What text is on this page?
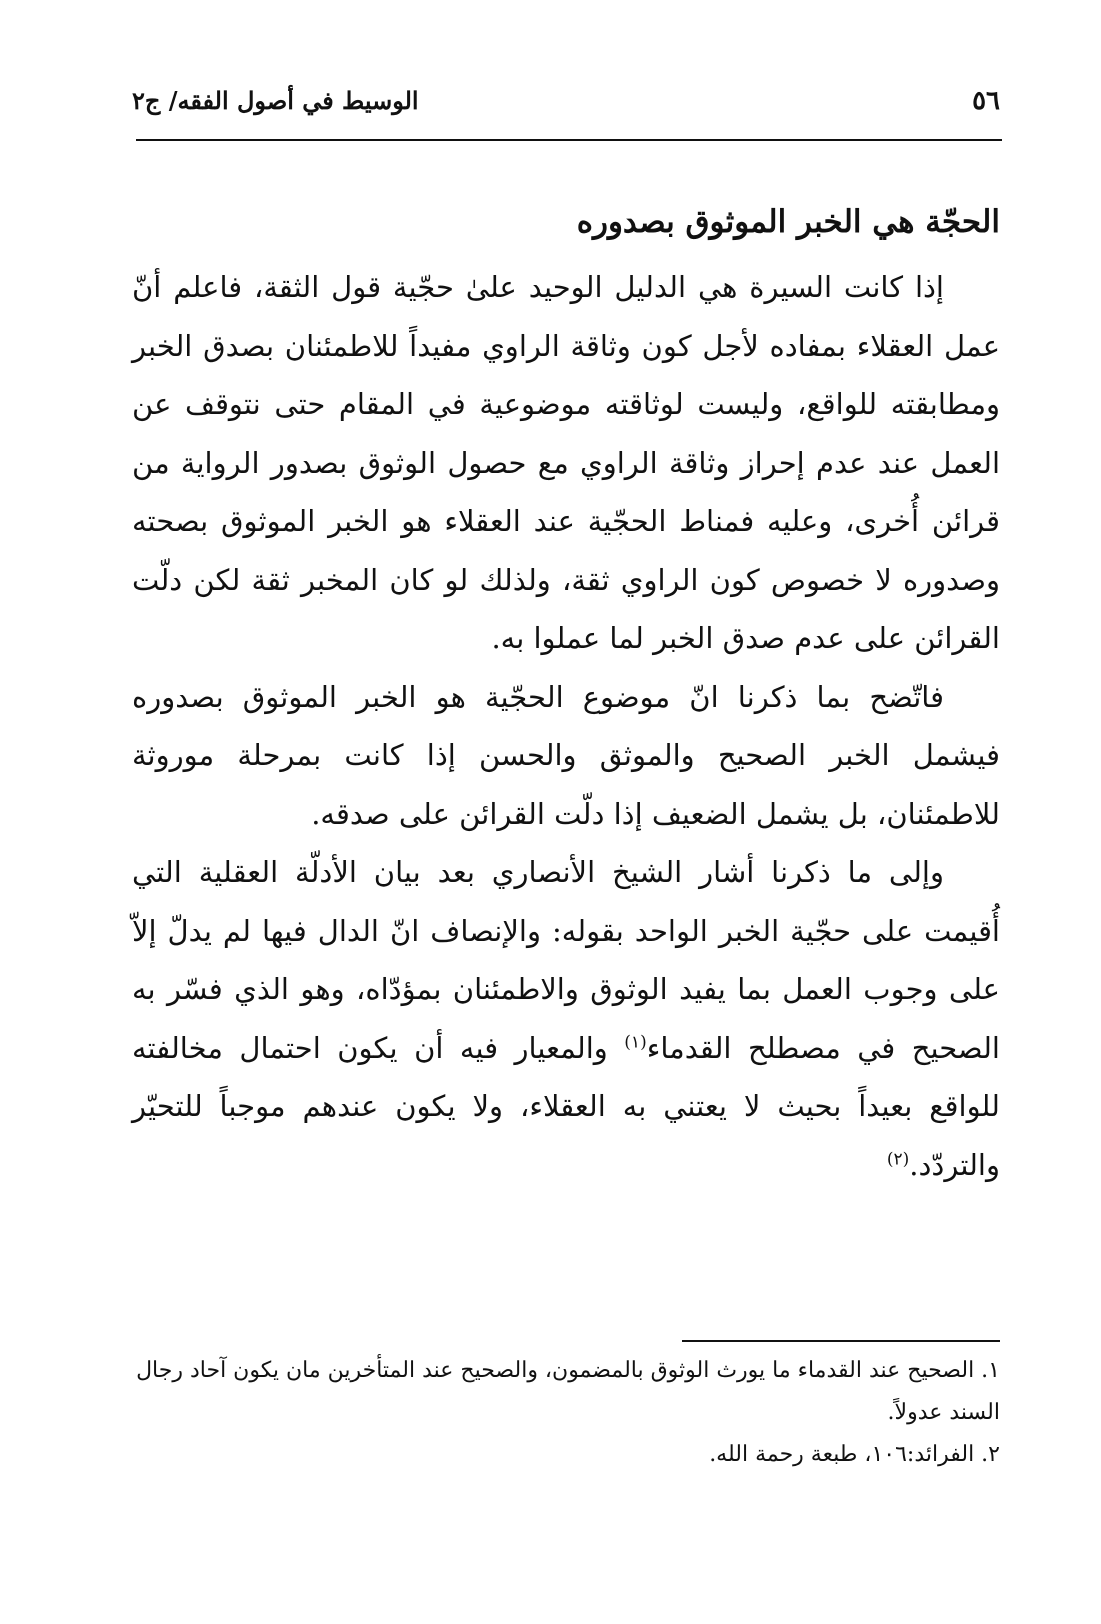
٥٦
الوسيط في أصول الفقه/ ج٢
الحجّة هي الخبر الموثوق بصدوره

إذا كانت السيرة هي الدليل الوحيد علىٰ حجّية قول الثقة، فاعلم أنّ عمل العقلاء بمفاده لأجل كون وثاقة الراوي مفيداً للاطمئنان بصدق الخبر ومطابقته للواقع، وليست لوثاقته موضوعية في المقام حتى نتوقف عن العمل عند عدم إحراز وثاقة الراوي مع حصول الوثوق بصدور الرواية من قرائن أُخرى، وعليه فمناط الحجّية عند العقلاء هو الخبر الموثوق بصحته وصدوره لا خصوص كون الراوي ثقة، ولذلك لو كان المخبر ثقة لكن دلّت القرائن على عدم صدق الخبر لما عملوا به.

فاتّضح بما ذكرنا انّ موضوع الحجّية هو الخبر الموثوق بصدوره فيشمل الخبر الصحيح والموثق والحسن إذا كانت بمرحلة موروثة للاطمئنان، بل يشمل الضعيف إذا دلّت القرائن على صدقه.

وإلى ما ذكرنا أشار الشيخ الأنصاري بعد بيان الأدلّة العقلية التي أُقيمت على حجّية الخبر الواحد بقوله: والإنصاف انّ الدال فيها لم يدلّ إلاّ على وجوب العمل بما يفيد الوثوق والاطمئنان بمؤدّاه، وهو الذي فسّر به الصحيح في مصطلح القدماء$^{(١)}$ والمعيار فيه أن يكون احتمال مخالفته للواقع بعيداً بحيث لا يعتني به العقلاء، ولا يكون عندهم موجباً للتحيّر والتردّد.$^{(٢)}$

١. الصحيح عند القدماء ما يورث الوثوق بالمضمون، والصحيح عند المتأخرين مان يكون آحاد رجال السند عدولاً.

٢. الفرائد:١٠٦، طبعة رحمة الله.
